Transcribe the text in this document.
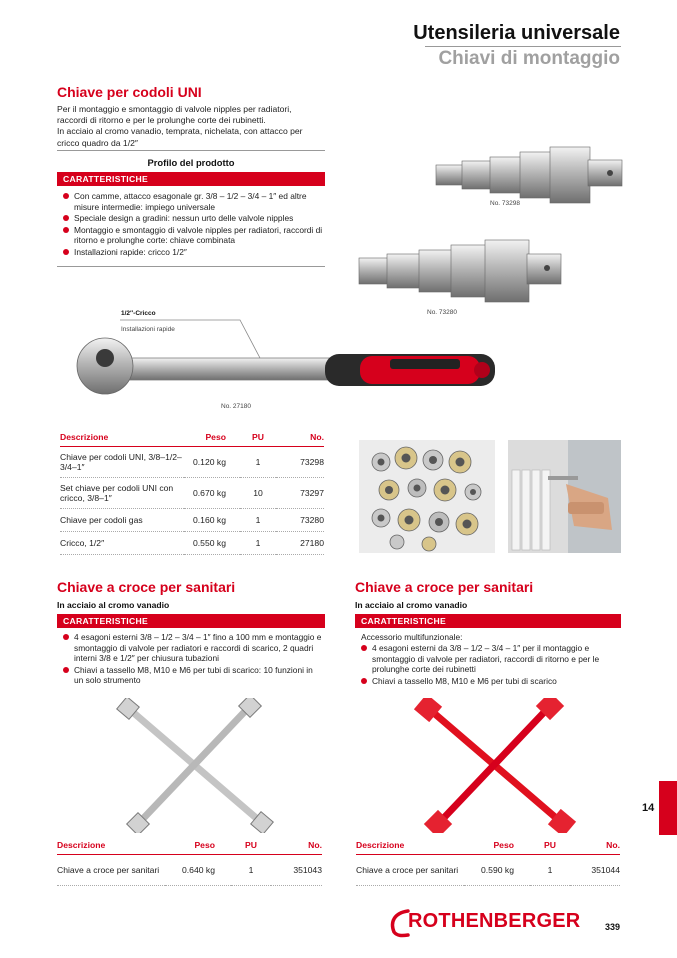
Utensileria universale
Chiavi di montaggio
Chiave per codoli UNI
Per il montaggio e smontaggio di valvole nipples per radiatori,
raccordi di ritorno e per le prolunghe corte dei rubinetti.
In acciaio al cromo vanadio, temprata, nichelata, con attacco per
cricco quadro da 1/2″
Profilo del prodotto
CARATTERISTICHE
Con camme, attacco esagonale gr. 3/8 – 1/2 – 3/4 – 1″ ed altre misure intermedie: impiego universale
Speciale design a gradini: nessun urto delle valvole nipples
Montaggio e smontaggio di valvole nipples per radiatori, raccordi di ritorno e prolunghe corte: chiave combinata
Installazioni rapide: cricco 1/2″
No. 73298
No. 73280
1/2″-Cricco
Installazioni rapide
No. 27180
Descrizione	Peso	PU	No.
Chiave per codoli UNI, 3/8–1/2–3/4–1″	0.120 kg	1	73298
Set chiave per codoli UNI con cricco, 3/8–1″	0.670 kg	10	73297
Chiave per codoli gas	0.160 kg	1	73280
Cricco, 1/2″	0.550 kg	1	27180
Chiave a croce per sanitari
In acciaio al cromo vanadio
CARATTERISTICHE
4 esagoni esterni 3/8 – 1/2 – 3/4 – 1″ fino a 100 mm e montaggio e smontaggio di valvole per radiatori e raccordi di scarico, 2 quadri interni 3/8 e 1/2″ per chiusura tubazioni
Chiavi a tassello M8, M10 e M6 per tubi di scarico: 10 funzioni in un solo strumento
Descrizione	Peso	PU	No.
Chiave a croce per sanitari	0.640 kg	1	351043
Chiave a croce per sanitari
In acciaio al cromo vanadio
CARATTERISTICHE
Accessorio multifunzionale:
4 esagoni esterni da 3/8 – 1/2 – 3/4 – 1″ per il montaggio e smontaggio di valvole per radiatori, raccordi di ritorno e per le prolunghe corte dei rubinetti
Chiavi a tassello M8, M10 e M6 per tubi di scarico
Descrizione	Peso	PU	No.
Chiave a croce per sanitari	0.590 kg	1	351044
14
ROTHENBERGER	339
